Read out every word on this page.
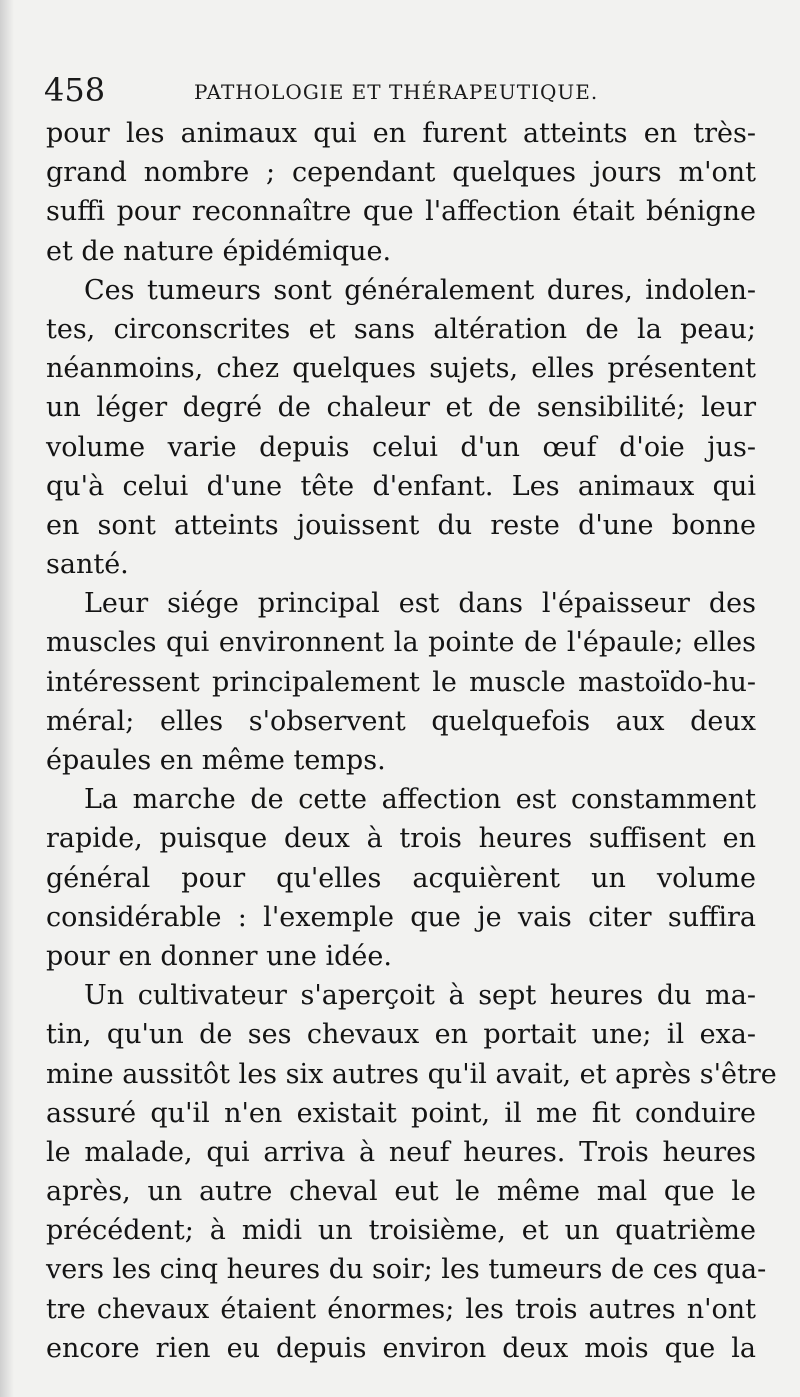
458	PATHOLOGIE ET THÉRAPEUTIQUE.
pour les animaux qui en furent atteints en très-
grand nombre ; cependant quelques jours m'ont
suffi pour reconnaître que l'affection était bénigne
et de nature épidémique.
Ces tumeurs sont généralement dures, indolen-
tes, circonscrites et sans altération de la peau;
néanmoins, chez quelques sujets, elles présentent
un léger degré de chaleur et de sensibilité; leur
volume varie depuis celui d'un œuf d'oie jus-
qu'à celui d'une tête d'enfant. Les animaux qui
en sont atteints jouissent du reste d'une bonne
santé.
Leur siége principal est dans l'épaisseur des
muscles qui environnent la pointe de l'épaule; elles
intéressent principalement le muscle mastoïdo-hu-
méral; elles s'observent quelquefois aux deux
épaules en même temps.
La marche de cette affection est constamment
rapide, puisque deux à trois heures suffisent en
général pour qu'elles acquièrent un volume
considérable : l'exemple que je vais citer suffira
pour en donner une idée.
Un cultivateur s'aperçoit à sept heures du ma-
tin, qu'un de ses chevaux en portait une; il exa-
mine aussitôt les six autres qu'il avait, et après s'être
assuré qu'il n'en existait point, il me fit conduire
le malade, qui arriva à neuf heures. Trois heures
après, un autre cheval eut le même mal que le
précédent; à midi un troisième, et un quatrième
vers les cinq heures du soir; les tumeurs de ces qua-
tre chevaux étaient énormes; les trois autres n'ont
encore rien eu depuis environ deux mois que la
